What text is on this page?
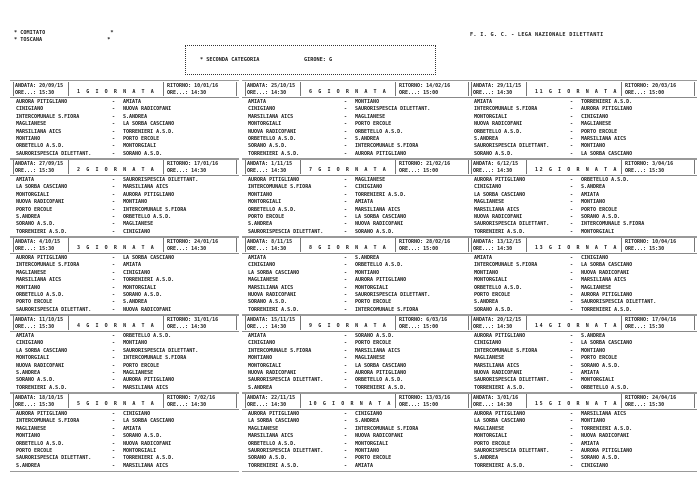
* COMITATO	*
* TOSCANA	*
F. I. G. C. - LEGA NAZIONALE DILETTANTI
* SECONDA CATEGORIA	GIRONE: G
ANDATA: 20/09/15
ORE...: 15:30	1 G I O R N A T A
RITORNO: 10/01/16
ORE...: 14:30
AURORA PITIGLIANO	- AMIATA
CINIGIANO	- NUOVA RADICOFANI
INTERCOMUNALE S.FIORA	- S.ANDREA
MAGLIANESE	- LA SORBA CASCIANO
MARSILIANA AICS	- TORRENIERI A.S.D.
MONTIANO	- PORTO ERCOLE
ORBETELLO A.S.D.	- MONTORGIALI
SAURORISPESCIA DILETTANT.	- SORANO A.S.D.
ANDATA: 27/09/15
ORE...: 15:30	2 G I O R N A T A
RITORNO: 17/01/16
ORE...: 14:30
AMIATA	- SAURORISPESCIA DILETTANT.
LA SORBA CASCIANO	- MARSILIANA AICS
MONTORGIALI	- AURORA PITIGLIANO
NUOVA RADICOFANI	- MONTIANO
PORTO ERCOLE	- INTERCOMUNALE S.FIORA
S.ANDREA	- ORBETELLO A.S.D.
SORANO A.S.D.	- MAGLIANESE
TORRENIERI A.S.D.	- CINIGIANO
ANDATA: 4/10/15
ORE...: 15:30	3 G I O R N A T A
RITORNO: 24/01/16
ORE...: 14:30
AURORA PITIGLIANO	- LA SORBA CASCIANO
INTERCOMUNALE S.FIORA	- AMIATA
MAGLIANESE	- CINIGIANO
MARSILIANA AICS	- TORRENIERI A.S.D.
MONTIANO	- MONTORGIALI
ORBETELLO A.S.D.	- SORANO A.S.D.
PORTO ERCOLE	- S.ANDREA
SAURORISPESCIA DILETTANT.	- NUOVA RADICOFANI
ANDATA: 11/10/15
ORE...: 15:30	4 G I O R N A T A
RITORNO: 31/01/16
ORE...: 14:30
AMIATA	- ORBETELLO A.S.D.
CINIGIANO	- MONTIANO
LA SORBA CASCIANO	- SAURORISPESCIA DILETTANT.
MONTORGIALI	- INTERCOMUNALE S.FIORA
NUOVA RADICOFANI	- PORTO ERCOLE
S.ANDREA	- MAGLIANESE
SORANO A.S.D.	- AURORA PITIGLIANO
TORRENIERI A.S.D.	- MARSILIANA AICS
ANDATA: 18/10/15
ORE...: 15:30	5 G I O R N A T A
RITORNO: 7/02/16
ORE...: 14:30
AURORA PITIGLIANO	- CINIGIANO
INTERCOMUNALE S.FIORA	- LA SORBA CASCIANO
MAGLIANESE	- AMIATA
MONTIANO	- SORANO A.S.D.
ORBETELLO A.S.D.	- NUOVA RADICOFANI
PORTO ERCOLE	- MONTORGIALI
SAURORISPESCIA DILETTANT.	- TORRENIERI A.S.D.
S.ANDREA	- MARSILIANA AICS
ANDATA: 25/10/15
ORE...: 14:30	6 G I O R N A T A
RITORNO: 14/02/16
ORE...: 15:00
AMIATA	- MONTIANO
CINIGIANO	- SAURORISPESCIA DILETTANT.
MARSILIANA AICS	- MAGLIANESE
MONTORGIALI	- PORTO ERCOLE
NUOVA RADICOFANI	- ORBETELLO A.S.D.
ORBETELLO A.S.D.	- S.ANDREA
SORANO A.S.D.	- INTERCOMUNALE S.FIORA
TORRENIERI A.S.D.	- AURORA PITIGLIANO
ANDATA: 1/11/15
ORE...: 14:30	7 G I O R N A T A
RITORNO: 21/02/16
ORE...: 15:00
AURORA PITIGLIANO	- MAGLIANESE
INTERCOMUNALE S.FIORA	- CINIGIANO
MONTIANO	- TORRENIERI A.S.D.
MONTORGIALI	- AMIATA
ORBETELLO A.S.D.	- MARSILIANA AICS
PORTO ERCOLE	- LA SORBA CASCIANO
S.ANDREA	- NUOVA RADICOFANI
SAURORISPESCIA DILETTANT.	- SORANO A.S.D.
ANDATA: 8/11/15
ORE...: 14:30	8 G I O R N A T A
RITORNO: 28/02/16
ORE...: 15:00
AMIATA	- S.ANDREA
CINIGIANO	- ORBETELLO A.S.D.
LA SORBA CASCIANO	- MONTIANO
MAGLIANESE	- AURORA PITIGLIANO
MARSILIANA AICS	- MONTORGIALI
NUOVA RADICOFANI	- SAURORISPESCIA DILETTANT.
SORANO A.S.D.	- PORTO ERCOLE
TORRENIERI A.S.D.	- INTERCOMUNALE S.FIORA
ANDATA: 15/11/15
ORE...: 14:30	9 G I O R N A T A
RITORNO: 6/03/16
ORE...: 15:00
AMIATA	- SORANO A.S.D.
CINIGIANO	- PORTO ERCOLE
INTERCOMUNALE S.FIORA	- MARSILIANA AICS
MONTIANO	- MAGLIANESE
MONTORGIALI	- LA SORBA CASCIANO
NUOVA RADICOFANI	- AURORA PITIGLIANO
SAURORISPESCIA DILETTANT.	- ORBETELLO A.S.D.
S.ANDREA	- TORRENIERI A.S.D.
ANDATA: 22/11/15
ORE...: 14:30	10 G I O R N A T A
RITORNO: 13/03/16
ORE...: 15:00
AURORA PITIGLIANO	- CINIGIANO
LA SORBA CASCIANO	- S.ANDREA
MAGLIANESE	- INTERCOMUNALE S.FIORA
MARSILIANA AICS	- NUOVA RADICOFANI
ORBETELLO A.S.D.	- MONTORGIALI
SAURORISPESCIA DILETTANT.	- MONTIANO
SORANO A.S.D.	- PORTO ERCOLE
TORRENIERI A.S.D.	- AMIATA
ANDATA: 29/11/15
ORE...: 14:30	11 G I O R N A T A
RITORNO: 20/03/16
ORE...: 15:00
AMIATA	- TORRENIERI A.S.D.
INTERCOMUNALE S.FIORA	- AURORA PITIGLIANO
MONTORGIALI	- CINIGIANO
NUOVA RADICOFANI	- MAGLIANESE
ORBETELLO A.S.D.	- PORTO ERCOLE
S.ANDREA	- MARSILIANA AICS
SAURORISPESCIA DILETTANT.	- MONTIANO
SORANO A.S.D.	- LA SORBA CASCIANO
ANDATA: 6/12/15
ORE...: 14:30	12 G I O R N A T A
RITORNO: 3/04/16
ORE...: 15:30
AURORA PITIGLIANO	- ORBETELLO A.S.D.
CINIGIANO	- S.ANDREA
LA SORBA CASCIANO	- AMIATA
MAGLIANESE	- MONTIANO
MARSILIANA AICS	- PORTO ERCOLE
NUOVA RADICOFANI	- SORANO A.S.D.
SAURORISPESCIA DILETTANT.	- INTERCOMUNALE S.FIORA
TORRENIERI A.S.D.	- MONTORGIALI
ANDATA: 13/12/15
ORE...: 14:30	13 G I O R N A T A
RITORNO: 10/04/16
ORE...: 15:30
AMIATA	- CINIGIANO
INTERCOMUNALE S.FIORA	- LA SORBA CASCIANO
MONTIANO	- NUOVA RADICOFANI
MONTORGIALI	- MARSILIANA AICS
ORBETELLO A.S.D.	- MAGLIANESE
PORTO ERCOLE	- AURORA PITIGLIANO
S.ANDREA	- SAURORISPESCIA DILETTANT.
SORANO A.S.D.	- TORRENIERI A.S.D.
ANDATA: 20/12/15
ORE...: 14:30	14 G I O R N A T A
RITORNO: 17/04/16
ORE...: 15:30
AURORA PITIGLIANO	- S.ANDREA
CINIGIANO	- LA SORBA CASCIANO
INTERCOMUNALE S.FIORA	- MONTIANO
MAGLIANESE	- PORTO ERCOLE
MARSILIANA AICS	- SORANO A.S.D.
NUOVA RADICOFANI	- AMIATA
SAURORISPESCIA DILETTANT.	- MONTORGIALI
TORRENIERI A.S.D.	- ORBETELLO A.S.D.
ANDATA: 3/01/16
ORE...: 14:30	15 G I O R N A T A
RITORNO: 24/04/16
ORE...: 15:30
AURORA PITIGLIANO	- MARSILIANA AICS
LA SORBA CASCIANO	- MONTIANO
MAGLIANESE	- TORRENIERI A.S.D.
MONTORGIALI	- NUOVA RADICOFANI
PORTO ERCOLE	- AMIATA
SAURORISPESCIA DILETTANT.	- AURORA PITIGLIANO
S.ANDREA	- SORANO A.S.D.
TORRENIERI A.S.D.	- CINIGIANO
